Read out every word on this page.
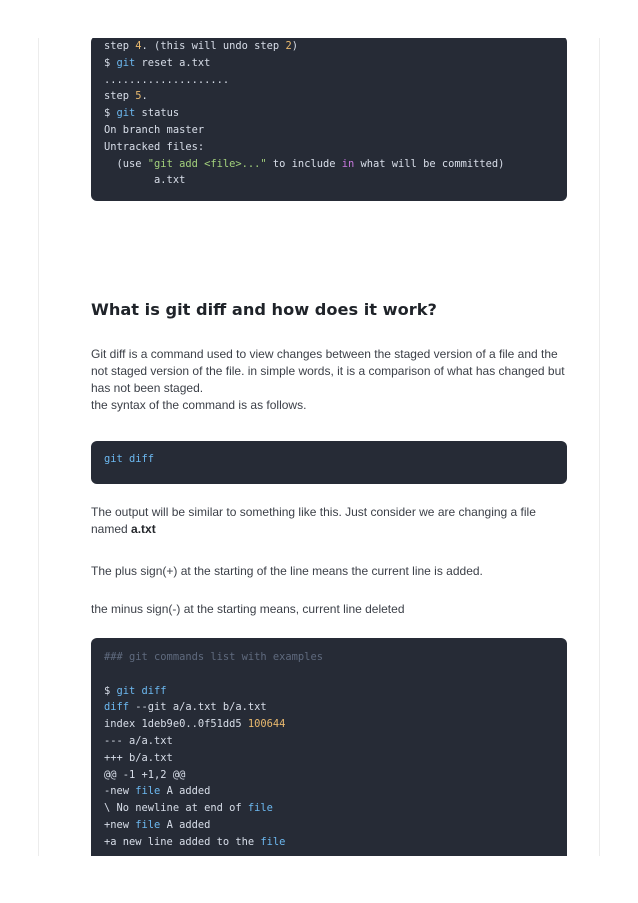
step 4. (this will undo step 2)
$ git reset a.txt
....................
step 5.
$ git status
On branch master
Untracked files:
(use "git add <file>..." to include in what will be committed)
a.txt
What is git diff and how does it work?
Git diff is a command used to view changes between the staged version of a file and the not staged version of the file. in simple words, it is a comparison of what has changed but has not been staged.
the syntax of the command is as follows.
git diff
The output will be similar to something like this. Just consider we are changing a file named a.txt
The plus sign(+) at the starting of the line means the current line is added.
the minus sign(-) at the starting means, current line deleted
### git commands list with examples
$ git diff
diff --git a/a.txt b/a.txt
index 1deb9e0..0f51dd5 100644
--- a/a.txt
+++ b/a.txt
@@ -1 +1,2 @@
-new file A added
\ No newline at end of file
+new file A added
+a new line added to the file
